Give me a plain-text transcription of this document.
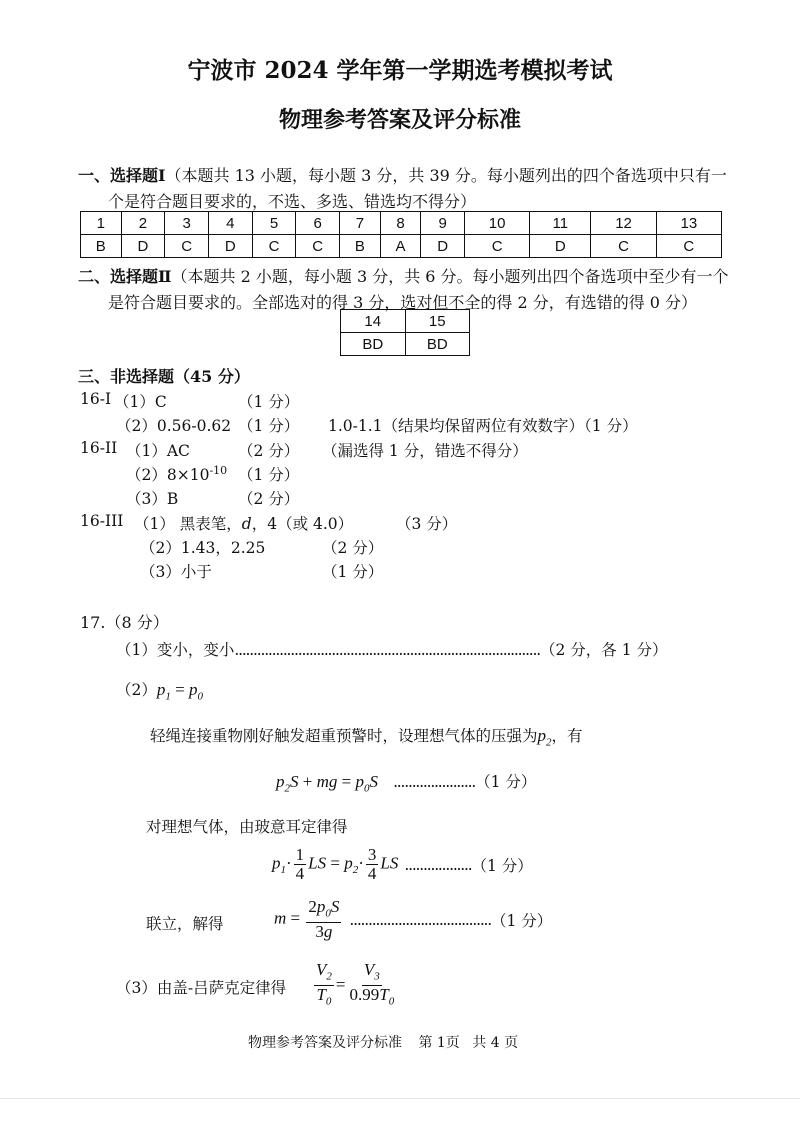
宁波市 2024 学年第一学期选考模拟考试
物理参考答案及评分标准
一、选择题Ⅰ（本题共 13 小题，每小题 3 分，共 39 分。每小题列出的四个备选项中只有一
个是符合题目要求的，不选、多选、错选均不得分）
1	2	3	4	5	6	7	8	9	10	11	12	13
B	D	C	D	C	C	B	A	D	C	D	C	C
二、选择题Ⅱ（本题共 2 小题，每小题 3 分，共 6 分。每小题列出四个备选项中至少有一个
是符合题目要求的。全部选对的得 3 分，选对但不全的得 2 分，有选错的得 0 分）
14	15
BD	BD
三、非选择题（45 分）
16-I （1）C	（1 分）
（2）0.56-0.62 （1 分） 1.0-1.1（结果均保留两位有效数字）（1 分）
16-II （1）AC	（2 分） （漏选得 1 分，错选不得分）
$(2)8\times 10^{-10}$ （1 分）
（3）B	（2 分）
16-III （1） 黑表笔，d，4（或 4.0）	（3 分）
（2）1.43，2.25	（2 分）
（3）小于	（1 分）
17.（8 分）
（1）变小，变小..................................................................................（2 分，各 1 分）
$(2)p_1 = p_0$
轻绳连接重物刚好触发超重预警时，设理想气体的压强为$p_2$，有
$p_2S$ + mg = $p_0S$ ......................（1 分）
对理想气体，由玻意耳定律得
$p_1\cdot \frac{1}{4}$ LS = $p_2\cdot \frac{3}{4}$ LS .................. （1 分）
联立，解得	$m = \frac{2p_0S}{3g}$ ...................................... （1 分）
（3）由盖-吕萨克定律得 $\frac{V_2}{T_0} = \frac{V_3}{0.99T_0}$
物理参考答案及评分标准 第 1页 共 4 页
